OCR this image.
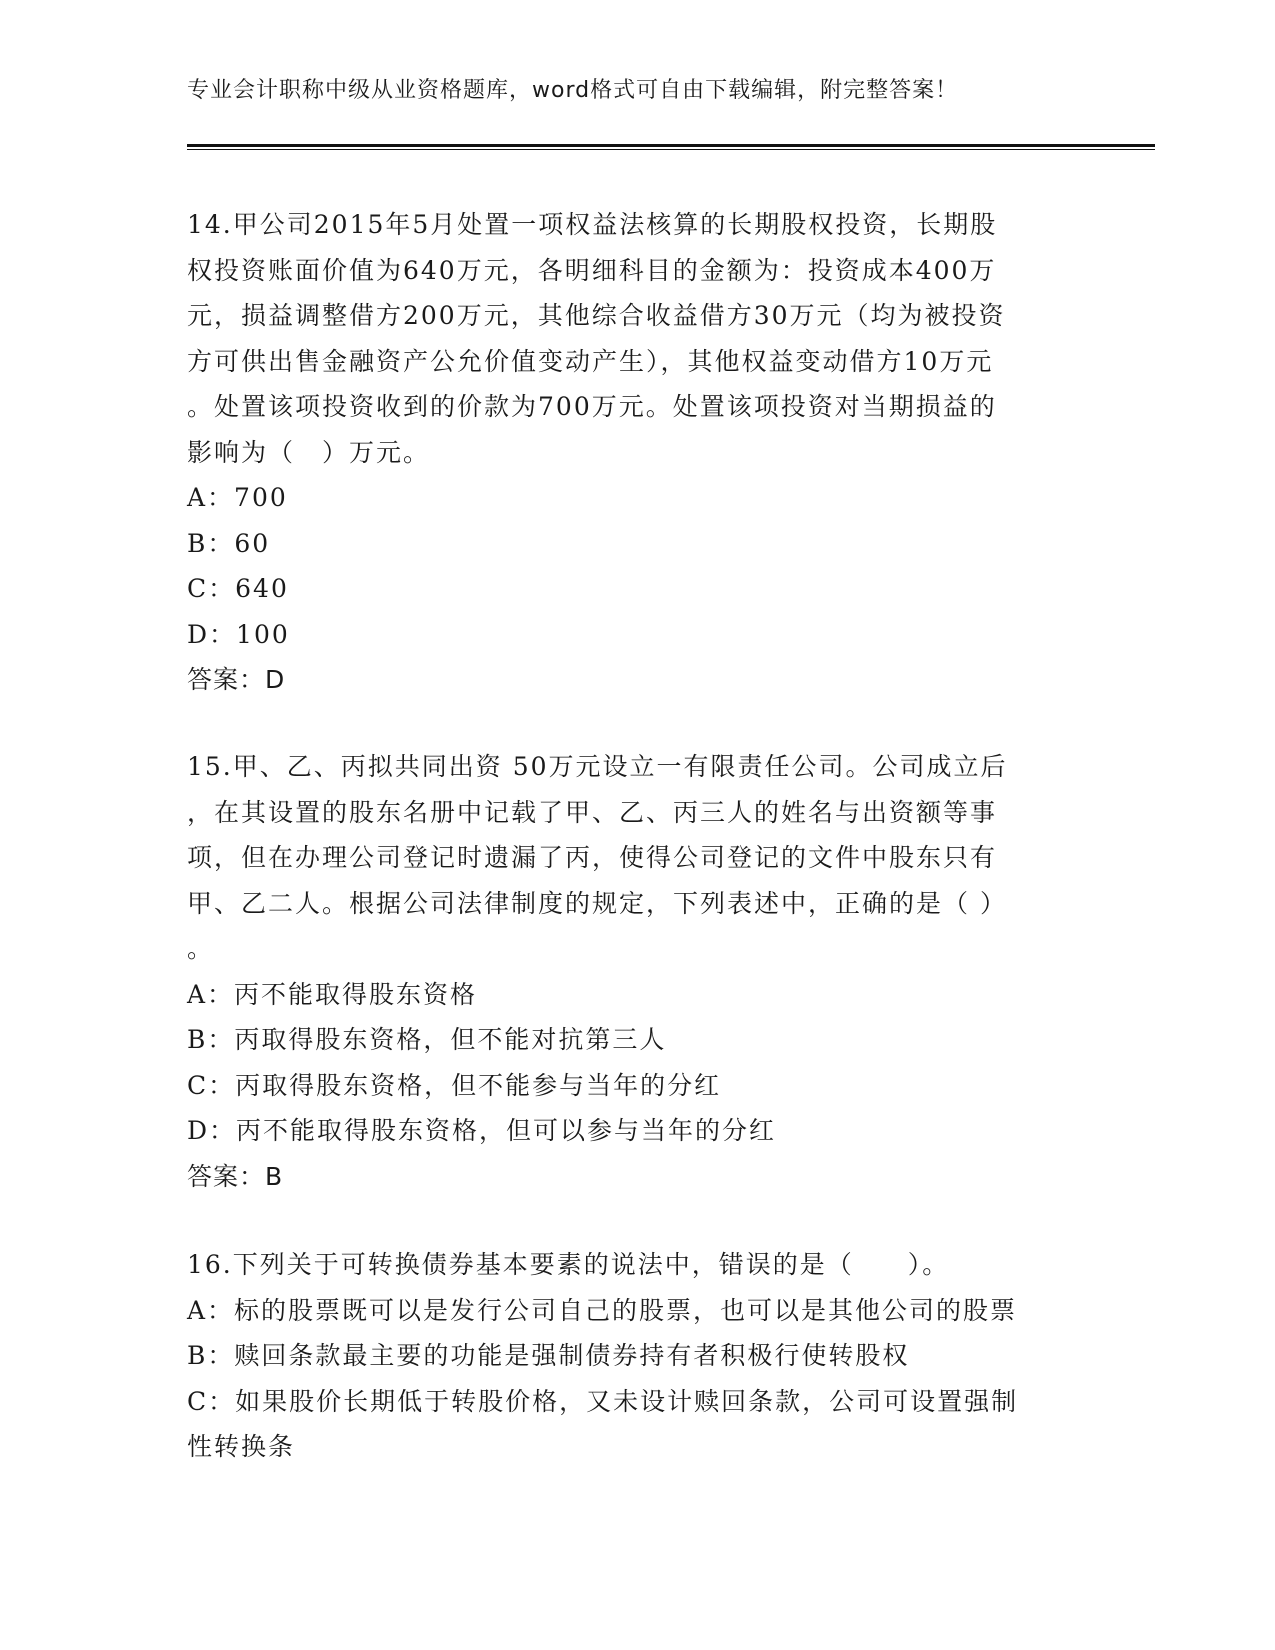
专业会计职称中级从业资格题库，word格式可自由下载编辑，附完整答案！

14.甲公司2015年5月处置一项权益法核算的长期股权投资，长期股

权投资账面价值为640万元，各明细科目的金额为：投资成本400万

元，损益调整借方200万元，其他综合收益借方30万元（均为被投资

方可供出售金融资产公允价值变动产生），其他权益变动借方10万元

。处置该项投资收到的价款为700万元。处置该项投资对当期损益的

影响为（　）万元。

A：700

B：60

C：640

D：100

答案：D

15.甲、乙、丙拟共同出资 50万元设立一有限责任公司。公司成立后

，在其设置的股东名册中记载了甲、乙、丙三人的姓名与出资额等事

项，但在办理公司登记时遗漏了丙，使得公司登记的文件中股东只有

甲、乙二人。根据公司法律制度的规定，下列表述中，正确的是（ ）

。

A：丙不能取得股东资格

B：丙取得股东资格，但不能对抗第三人

C：丙取得股东资格，但不能参与当年的分红

D：丙不能取得股东资格，但可以参与当年的分红

答案：B

16.下列关于可转换债券基本要素的说法中，错误的是（　　）。

A：标的股票既可以是发行公司自己的股票，也可以是其他公司的股票

B：赎回条款最主要的功能是强制债券持有者积极行使转股权

C：如果股价长期低于转股价格，又未设计赎回条款，公司可设置强制

性转换条
